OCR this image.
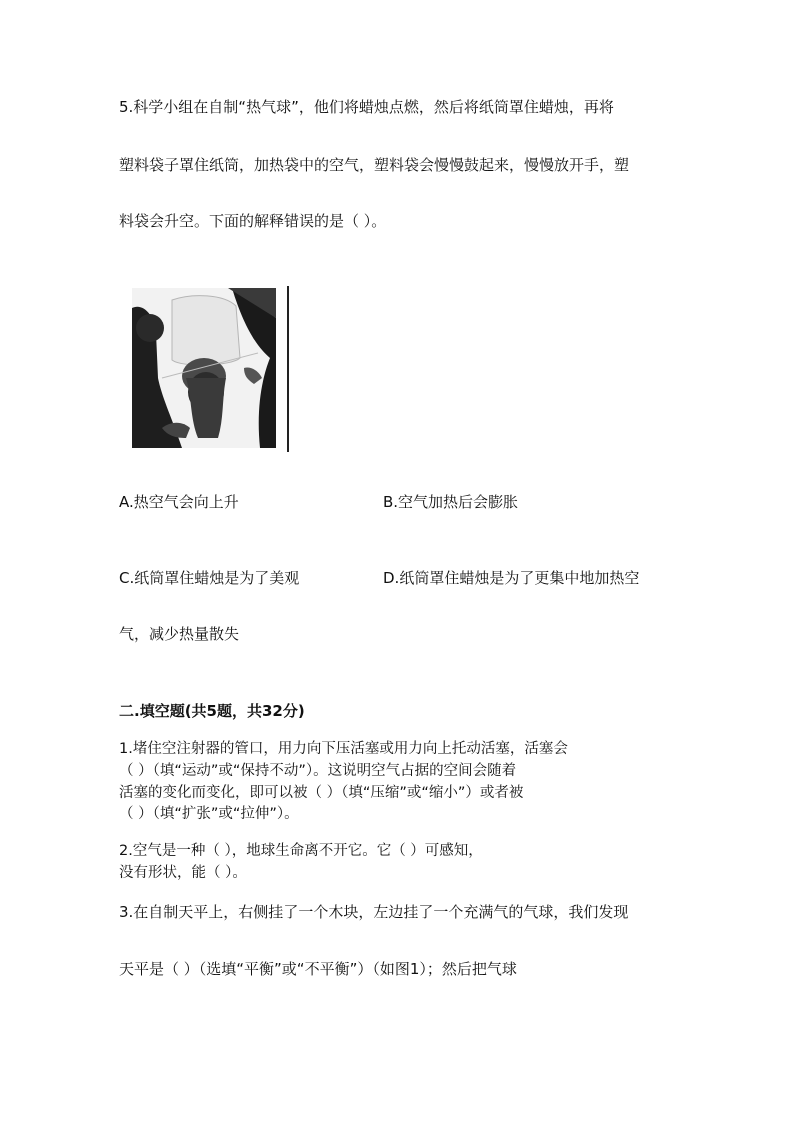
5.科学小组在自制“热气球”，他们将蜡烛点燃，然后将纸筒罩住蜡烛，再将
塑料袋子罩住纸筒，加热袋中的空气，塑料袋会慢慢鼓起来，慢慢放开手，塑
料袋会升空。下面的解释错误的是（ ）。
A.热空气会向上升	B.空气加热后会膨胀
C.纸筒罩住蜡烛是为了美观	D.纸筒罩住蜡烛是为了更集中地加热空
气，减少热量散失
二.填空题(共5题，共32分)
1.堵住空注射器的管口，用力向下压活塞或用力向上托动活塞，活塞会
（ ）（填“运动”或“保持不动”）。这说明空气占据的空间会随着
活塞的变化而变化，即可以被（ ）（填“压缩”或“缩小”）或者被
（ ）（填“扩张”或“拉伸”）。
2.空气是一种（ ），地球生命离不开它。它（ ）可感知，
没有形状，能（ ）。
3.在自制天平上，右侧挂了一个木块，左边挂了一个充满气的气球，我们发现
天平是（ ）（选填“平衡”或“不平衡”）（如图1）；然后把气球
